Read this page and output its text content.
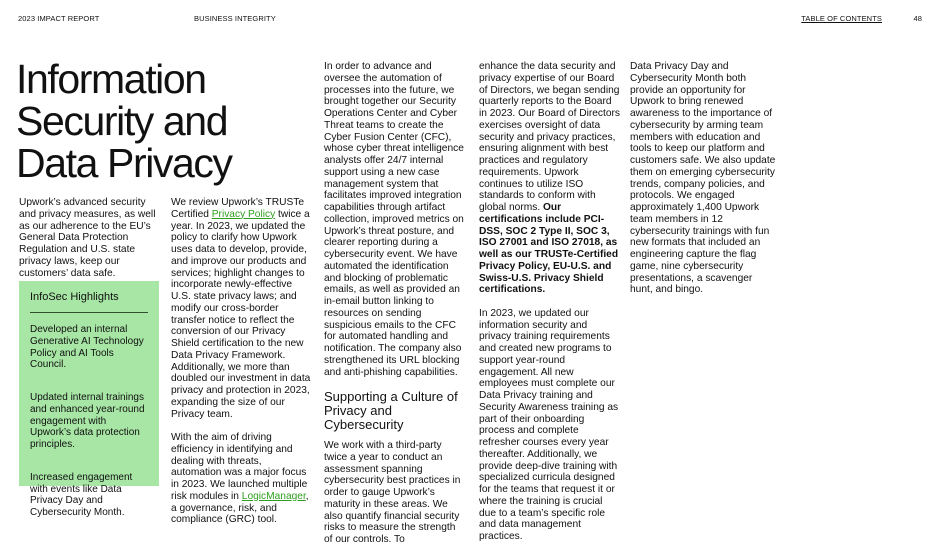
2023 IMPACT REPORT	BUSINESS INTEGRITY	TABLE OF CONTENTS	48
Information
Security and
Data Privacy

Upwork’s advanced security and privacy measures, as well as our adherence to the EU’s General Data Protection Regulation and U.S. state privacy laws, keep our customers’ data safe.

InfoSec Highlights
Developed an internal Generative AI Technology Policy and AI Tools Council.
Updated internal trainings and enhanced year-round engagement with Upwork’s data protection principles.
Increased engagement with events like Data Privacy Day and Cybersecurity Month.

We review Upwork’s TRUSTe Certified Privacy Policy twice a year. In 2023, we updated the policy to clarify how Upwork uses data to develop, provide, and improve our products and services; highlight changes to incorporate newly-effective U.S. state privacy laws; and modify our cross-border transfer notice to reflect the conversion of our Privacy Shield certification to the new Data Privacy Framework. Additionally, we more than doubled our investment in data privacy and protection in 2023, expanding the size of our Privacy team.

With the aim of driving efficiency in identifying and dealing with threats, automation was a major focus in 2023. We launched multiple risk modules in LogicManager, a governance, risk, and compliance (GRC) tool.

In order to advance and oversee the automation of processes into the future, we brought together our Security Operations Center and Cyber Threat teams to create the Cyber Fusion Center (CFC), whose cyber threat intelligence analysts offer 24/7 internal support using a new case management system that facilitates improved integration capabilities through artifact collection, improved metrics on Upwork’s threat posture, and clearer reporting during a cybersecurity event. We have automated the identification and blocking of problematic emails, as well as provided an in-email button linking to resources on sending suspicious emails to the CFC for automated handling and notification. The company also strengthened its URL blocking and anti-phishing capabilities.

Supporting a Culture of Privacy and Cybersecurity

We work with a third-party twice a year to conduct an assessment spanning cybersecurity best practices in order to gauge Upwork’s maturity in these areas. We also quantify financial security risks to measure the strength of our controls. To

enhance the data security and privacy expertise of our Board of Directors, we began sending quarterly reports to the Board in 2023. Our Board of Directors exercises oversight of data security and privacy practices, ensuring alignment with best practices and regulatory requirements. Upwork continues to utilize ISO standards to conform with global norms. Our certifications include PCI-DSS, SOC 2 Type II, SOC 3, ISO 27001 and ISO 27018, as well as our TRUSTe-Certified Privacy Policy, EU-U.S. and Swiss-U.S. Privacy Shield certifications.

In 2023, we updated our information security and privacy training requirements and created new programs to support year-round engagement. All new employees must complete our Data Privacy training and Security Awareness training as part of their onboarding process and complete refresher courses every year thereafter. Additionally, we provide deep-dive training with specialized curricula designed for the teams that request it or where the training is crucial due to a team’s specific role and data management practices.

Data Privacy Day and Cybersecurity Month both provide an opportunity for Upwork to bring renewed awareness to the importance of cybersecurity by arming team members with education and tools to keep our platform and customers safe. We also update them on emerging cybersecurity trends, company policies, and protocols. We engaged approximately 1,400 Upwork team members in 12 cybersecurity trainings with fun new formats that included an engineering capture the flag game, nine cybersecurity presentations, a scavenger hunt, and bingo.
